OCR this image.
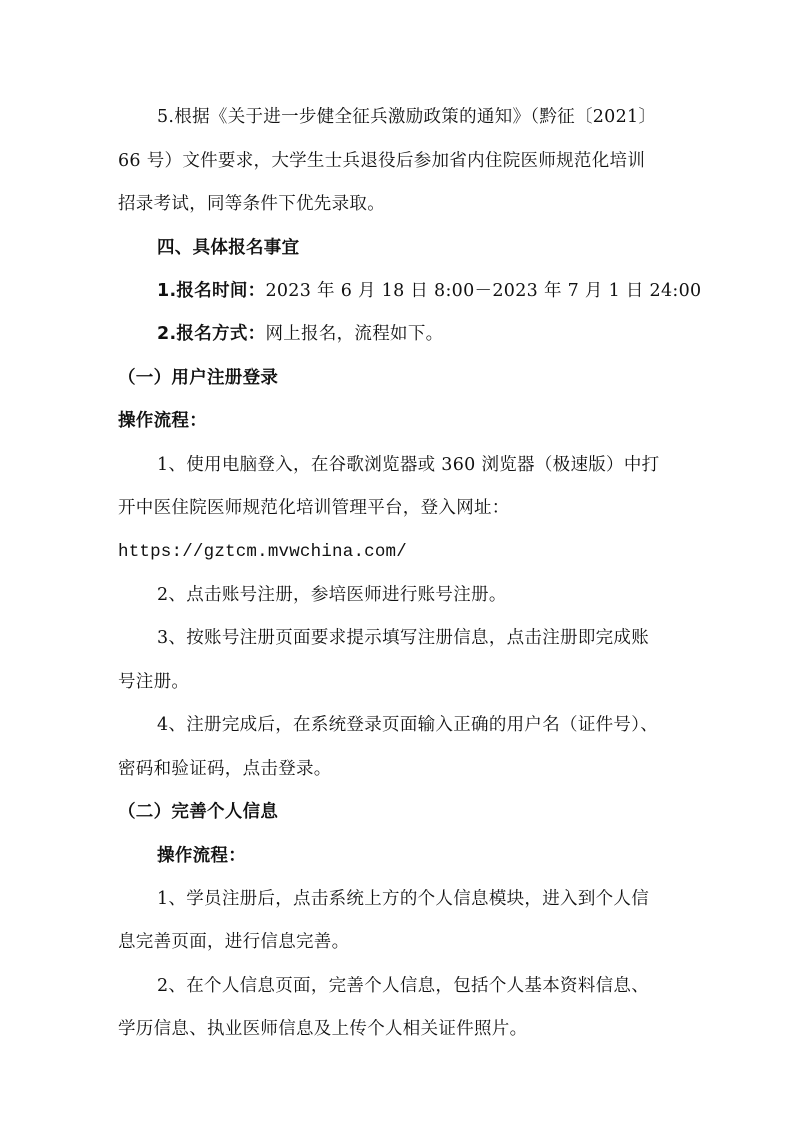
5.根据《关于进一步健全征兵激励政策的通知》（黔征〔2021〕
66 号）文件要求，大学生士兵退役后参加省内住院医师规范化培训
招录考试，同等条件下优先录取。
四、具体报名事宜
1.报名时间：2023 年 6 月 18 日 8:00－2023 年 7 月 1 日 24:00
2.报名方式：网上报名，流程如下。
（一）用户注册登录
操作流程：
1、使用电脑登入，在谷歌浏览器或 360 浏览器（极速版）中打
开中医住院医师规范化培训管理平台，登入网址：
https://gztcm.mvwchina.com/
2、点击账号注册，参培医师进行账号注册。
3、按账号注册页面要求提示填写注册信息，点击注册即完成账
号注册。
4、注册完成后，在系统登录页面输入正确的用户名（证件号）、
密码和验证码，点击登录。
（二）完善个人信息
操作流程：
1、学员注册后，点击系统上方的个人信息模块，进入到个人信
息完善页面，进行信息完善。
2、在个人信息页面，完善个人信息，包括个人基本资料信息、
学历信息、执业医师信息及上传个人相关证件照片。
